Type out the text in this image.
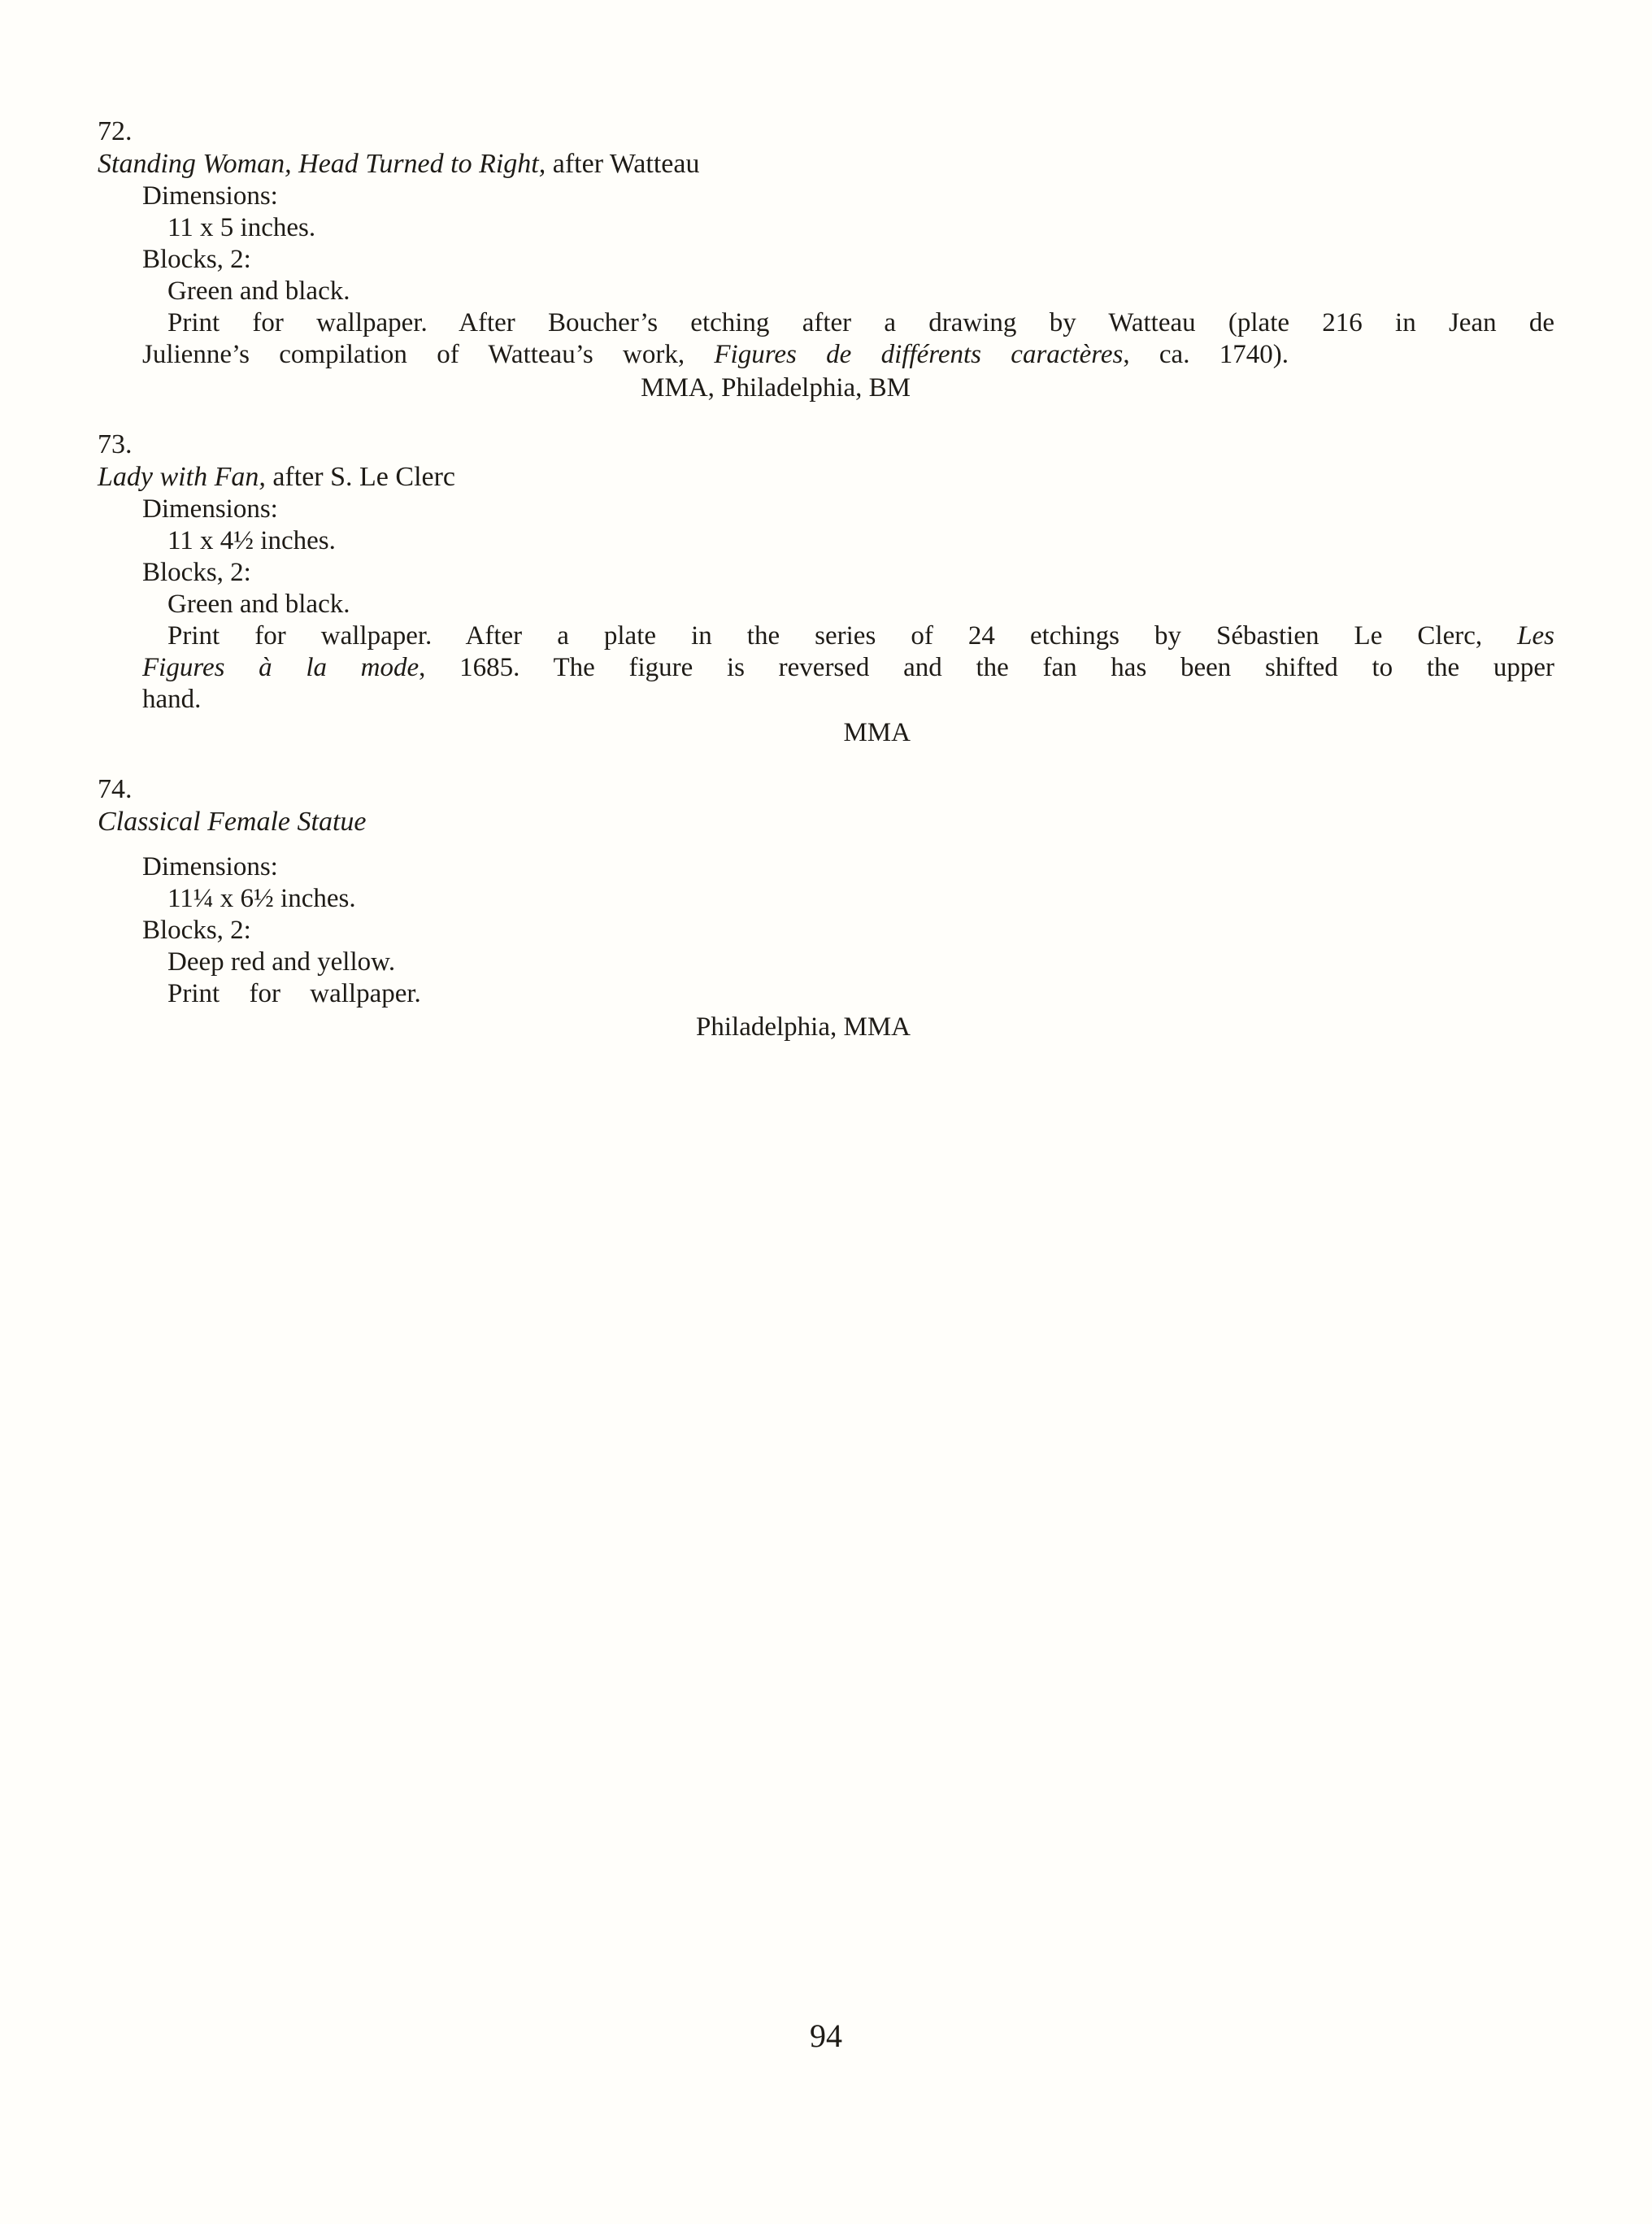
72.
Standing Woman, Head Turned to Right, after Watteau
Dimensions:
11 x 5 inches.
Blocks, 2:
Green and black.

Print for wallpaper. After Boucher’s etching after a drawing by Watteau (plate 216 in Jean de Julienne’s compilation of Watteau’s work, Figures de différents caractères, ca. 1740).

MMA, Philadelphia, BM
73.
Lady with Fan, after S. Le Clerc
Dimensions:
11 x 4½ inches.
Blocks, 2:
Green and black.

Print for wallpaper. After a plate in the series of 24 etchings by Sébastien Le Clerc, Les Figures à la mode, 1685. The figure is reversed and the fan has been shifted to the upper hand.

MMA
74.
Classical Female Statue
Dimensions:
11¼ x 6½ inches.
Blocks, 2:
Deep red and yellow.

Print for wallpaper.

Philadelphia, MMA
94
